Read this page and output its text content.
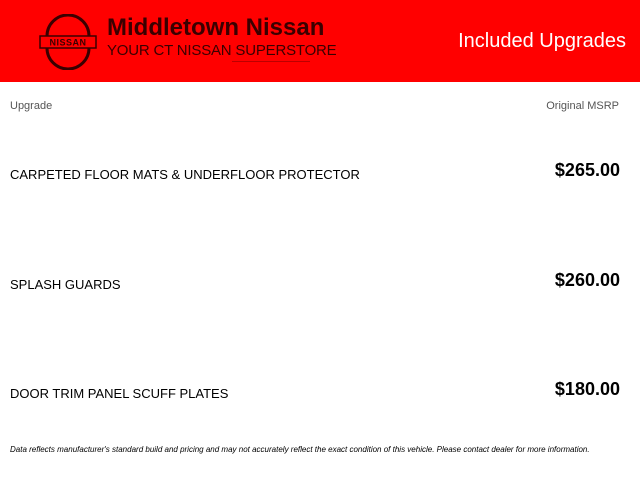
NISSAN
Middletown Nissan
YOUR CT NISSAN SUPERSTORE	Included Upgrades
Upgrade	Original MSRP
CARPETED FLOOR MATS & UNDERFLOOR PROTECTOR	$265.00
SPLASH GUARDS	$260.00
DOOR TRIM PANEL SCUFF PLATES	$180.00
Data reflects manufacturer's standard build and pricing and may not accurately reflect the exact condition of this vehicle. Please contact dealer for more information.
